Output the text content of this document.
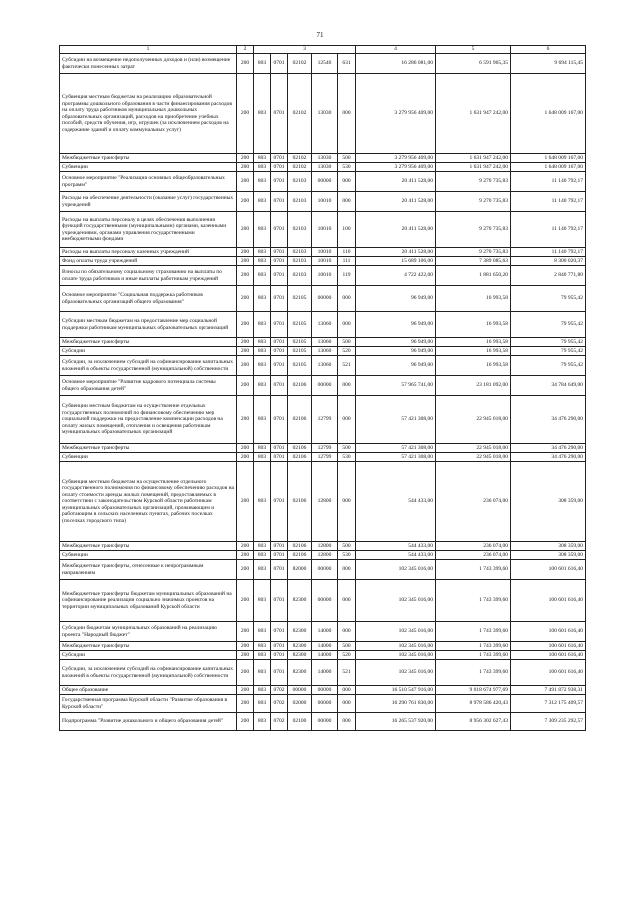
71
1	2	3					4	5	6
Субсидии на возмещение недополученных доходов и (или) возмещение фактически понесенных затрат	200	803	0701	02102	12540	631	16 286 081,00	6 591 965,35	9 694 115,45
Субвенция местным бюджетам на реализацию образовательной программы дошкольного образования в части финансирования расходов на оплату труда работников муниципальных дошкольных образовательных организаций, расходов на приобретение учебных пособий, средств обучения, игр, игрушек (за исключением расходов на содержание зданий и оплату коммунальных услуг)	200	803	0701	02102	13030	000	3 279 956 409,00	1 631 947 242,00	1 648 009 167,00
Межбюджетные трансферты	200	803	0701	02102	13030	500	3 279 956 409,00	1 631 947 242,00	1 648 009 167,00
Субвенции	200	803	0701	02102	13030	530	3 279 956 409,00	1 631 947 242,00	1 648 009 167,00
Основное мероприятие "Реализация основных общеобразовательных программ"	200	803	0701	02103	00000	000	20 411 528,00	9 270 735,83	11 140 792,17
Расходы на обеспечение деятельности (оказание услуг) государственных учреждений	200	803	0701	02103	10010	000	20 411 528,00	9 270 735,83	11 140 792,17
Расходы на выплаты персоналу в целях обеспечения выполнения функций государственными (муниципальными) органами, казенными учреждениями, органами управления государственными внебюджетными фондами	200	803	0701	02103	10010	100	20 411 528,00	9 270 735,83	11 140 792,17
Расходы на выплаты персоналу казенных учреждений	200	803	0701	02103	10010	110	20 411 528,00	9 270 735,83	11 140 792,17
Фонд оплаты труда учреждений	200	803	0701	02103	10010	111	15 689 106,00	7 389 085,63	8 300 020,37
Взносы по обязательному социальному страхованию на выплаты по оплате труда работников и иные выплаты работникам учреждений	200	803	0701	02103	10010	119	4 722 422,00	1 881 650,20	2 840 771,80
Основное мероприятие "Социальная поддержка работников образовательных организаций общего образования"	200	803	0701	02105	00000	000	96 949,00	16 993,58	79 955,42
Субсидии местным бюджетам на предоставление мер социальной поддержки работникам муниципальных образовательных организаций	200	803	0701	02105	13060	000	96 949,00	16 993,58	79 955,42
Межбюджетные трансферты	200	803	0701	02105	13060	500	96 949,00	16 993,58	79 955,42
Субсидии	200	803	0701	02105	13060	520	96 949,00	16 993,58	79 955,42
Субсидии, за исключением субсидий на софинансирование капитальных вложений в объекты государственной (муниципальной) собственности	200	803	0701	02105	13060	521	96 949,00	16 993,58	79 955,42
Основное мероприятие "Развитие кадрового потенциала системы общего образования детей"	200	803	0701	02106	00000	000	57 965 741,00	23 181 092,00	34 784 649,00
Субвенции местным бюджетам на осуществление отдельных государственных полномочий по финансовому обеспечению мер социальной поддержки на предоставление компенсации расходов на оплату жилых помещений, отопления и освещения работникам муниципальных образовательных организаций	200	803	0701	02106	12799	000	57 421 308,00	22 945 018,00	34 476 290,00
Межбюджетные трансферты	200	803	0701	02106	12799	500	57 421 308,00	22 945 018,00	34 476 290,00
Субвенции	200	803	0701	02106	12799	530	57 421 308,00	22 945 018,00	34 476 290,00
Субвенция местным бюджетам на осуществление отдельного государственного полномочия по финансовому обеспечению расходов на оплату стоимости аренды жилых помещений, предоставляемых в соответствии с законодательством Курской области работникам муниципальных образовательных организаций, проживающим и работающим в сельских населенных пунктах, рабочих поселках (поселках городского типа)	200	803	0701	02106	12800	000	544 433,00	236 074,00	308 359,00
Межбюджетные трансферты	200	803	0701	02106	12800	500	544 433,00	236 074,00	308 359,00
Субвенции	200	803	0701	02106	12800	530	544 433,00	236 074,00	308 359,00
Межбюджетные трансферты, отнесенные к непрограммным направлениям	200	803	0701	82000	00000	000	102 345 016,00	1 743 399,60	100 601 616,40
Межбюджетные трансферты бюджетам муниципальных образований на софинансирование реализации социально значимых проектов на территории муниципальных образований Курской области	200	803	0701	82300	00000	000	102 345 016,00	1 743 399,60	100 601 616,40
Субсидии бюджетам муниципальных образований на реализацию проекта "Народный бюджет"	200	803	0701	82300	14000	000	102 345 016,00	1 743 399,60	100 601 616,40
Межбюджетные трансферты	200	803	0701	82300	14000	500	102 345 016,00	1 743 399,60	100 601 616,40
Субсидии	200	803	0701	82300	14000	520	102 345 016,00	1 743 399,60	100 601 616,40
Субсидии, за исключением субсидий на софинансирование капитальных вложений в объекты государственной (муниципальной) собственности	200	803	0701	82300	14000	521	102 345 016,00	1 743 399,60	100 601 616,40
Общее образование	200	803	0702	00000	00000	000	16 510 547 916,00	9 018 674 977,69	7 491 872 938,31
Государственная программа Курской области "Развитие образования в Курской области"	200	803	0702	02000	00000	000	16 290 761 830,00	8 978 586 420,43	7 312 175 409,57
Подпрограмма "Развитие дошкольного и общего образования детей"	200	803	0702	02100	00000	000	16 265 537 920,00	8 956 302 627,43	7 309 235 292,57
